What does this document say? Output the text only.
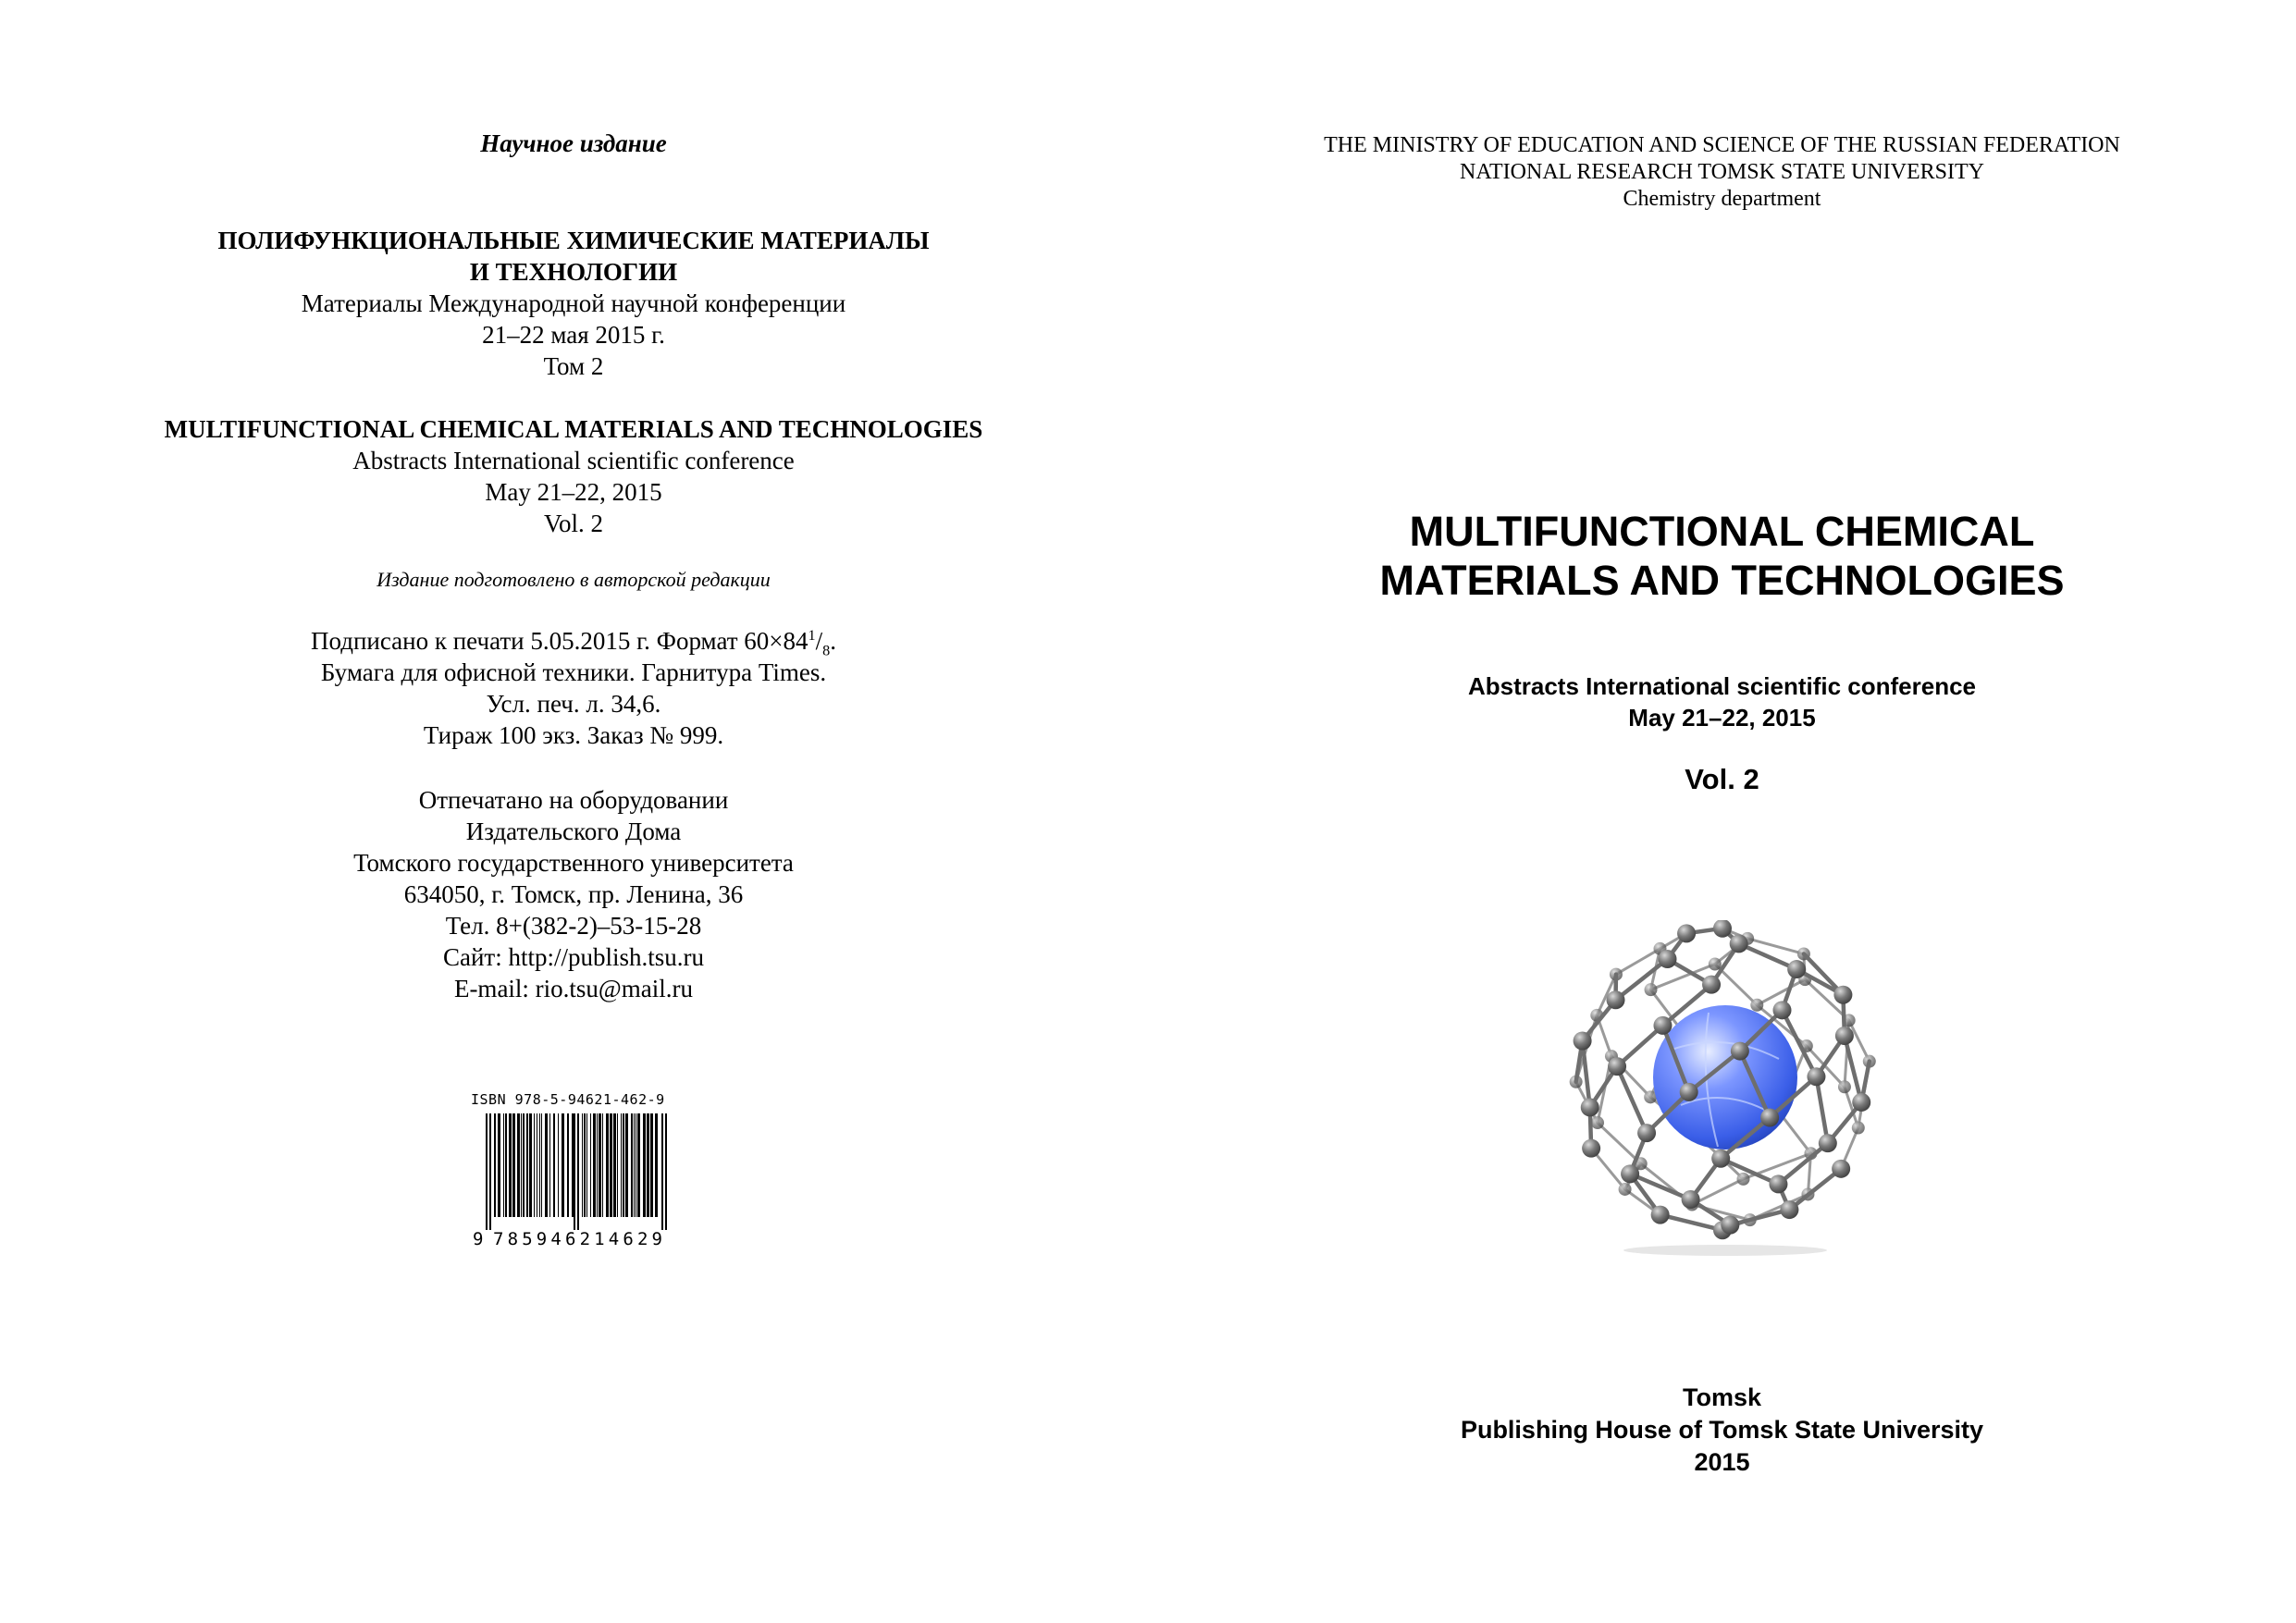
Научное издание
ПОЛИФУНКЦИОНАЛЬНЫЕ ХИМИЧЕСКИЕ МАТЕРИАЛЫ
И ТЕХНОЛОГИИ
Материалы Международной научной конференции
21–22 мая 2015 г.
Том 2
MULTIFUNCTIONAL CHEMICAL MATERIALS AND TECHNOLOGIES
Abstracts International scientific conference
May 21–22, 2015
Vol. 2
Издание подготовлено в авторской редакции
Подписано к печати 5.05.2015 г. Формат $60\times 84^1/_8$.
Бумага для офисной техники. Гарнитура Times.
Усл. печ. л. 34,6.
Тираж 100 экз. Заказ № 999.
Отпечатано на оборудовании
Издательского Дома
Томского государственного университета
634050, г. Томск, пр. Ленина, 36
Тел. 8+(382-2)–53-15-28
Сайт: http://publish.tsu.ru
E-mail: rio.tsu@mail.ru
ISBN 978-5-94621-462-9
9 785946214629
THE MINISTRY OF EDUCATION AND SCIENCE OF THE RUSSIAN FEDERATION
NATIONAL RESEARCH TOMSK STATE UNIVERSITY
Chemistry department
MULTIFUNCTIONAL CHEMICAL
MATERIALS AND TECHNOLOGIES
Abstracts International scientific conference
May 21–22, 2015
Vol. 2
Tomsk
Publishing House of Tomsk State University
2015
